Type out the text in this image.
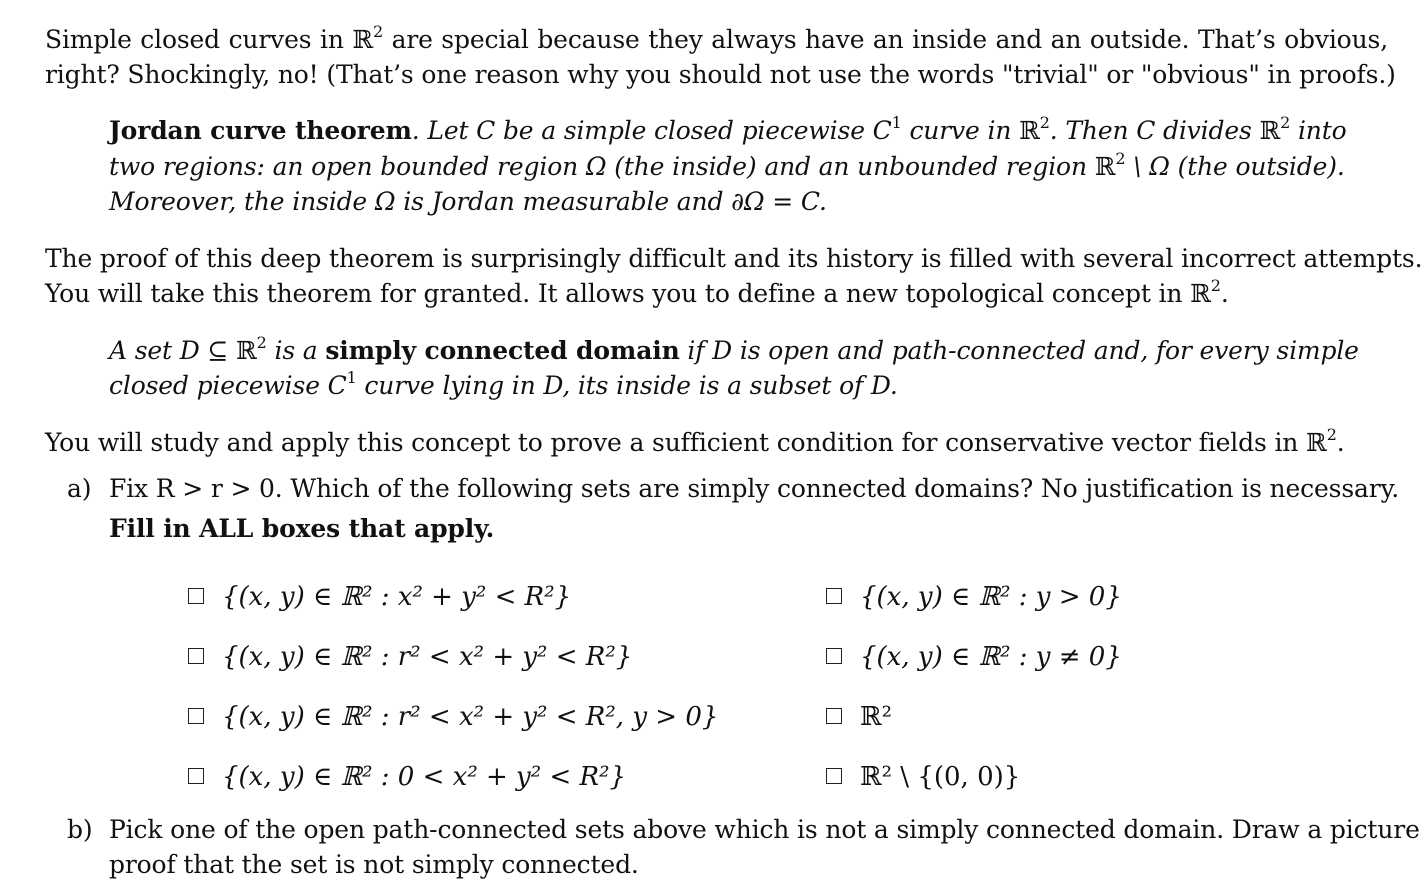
Simple closed curves in ℝ$^2$ are special because they always have an inside and an outside. That’s obvious,
right? Shockingly, no! (That’s one reason why you should not use the words "trivial" or "obvious" in proofs.)
Jordan curve theorem. Let C be a simple closed piecewise $C^1$ curve in ℝ$^2$. Then C divides ℝ$^2$ into
two regions: an open bounded region Ω (the inside) and an unbounded region ℝ$^2$ \ Ω (the outside).
Moreover, the inside Ω is Jordan measurable and ∂Ω = C.
The proof of this deep theorem is surprisingly difficult and its history is filled with several incorrect attempts.
You will take this theorem for granted. It allows you to define a new topological concept in ℝ$^2$.
A set D ⊆ ℝ$^2$ is a simply connected domain if D is open and path-connected and, for every simple
closed piecewise $C^1$ curve lying in D, its inside is a subset of D.
You will study and apply this concept to prove a sufficient condition for conservative vector fields in ℝ$^2$.
a) Fix R > r > 0. Which of the following sets are simply connected domains? No justification is necessary.
Fill in ALL boxes that apply.
{(x, y) ∈ ℝ² : x² + y² < R²}
{(x, y) ∈ ℝ² : r² < x² + y² < R²}
{(x, y) ∈ ℝ² : r² < x² + y² < R², y > 0}
{(x, y) ∈ ℝ² : 0 < x² + y² < R²}
{(x, y) ∈ ℝ² : y > 0}
{(x, y) ∈ ℝ² : y ≠ 0}
ℝ²
ℝ² \ {(0, 0)}
b) Pick one of the open path-connected sets above which is not a simply connected domain. Draw a picture
proof that the set is not simply connected.
